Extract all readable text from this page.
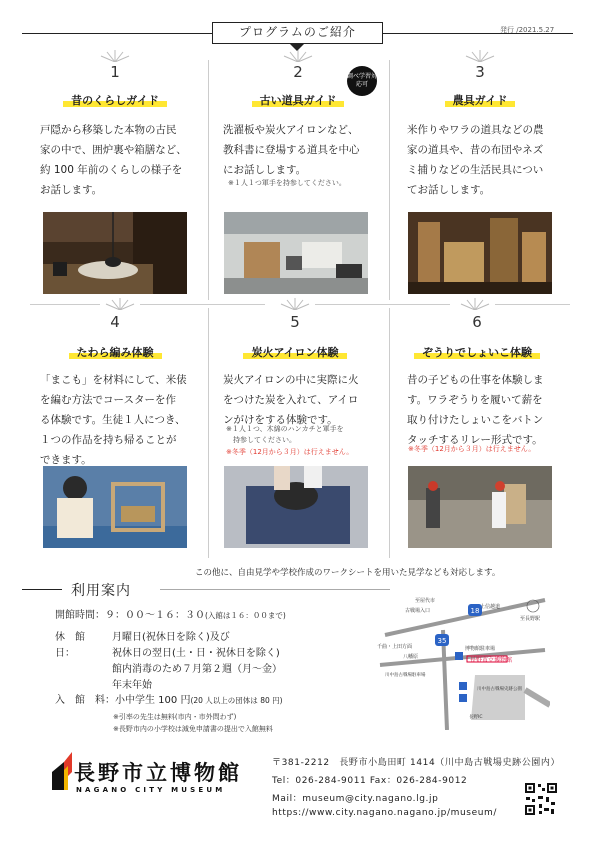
プログラムのご紹介	発行 /2021.5.27
1
昔のくらしガイド
戸隠から移築した本物の古民
家の中で、囲炉裏や箱膳など、
約 100 年前のくらしの様子を
お話します。
2
古い道具ガイド
調べ学習対応可
洗濯板や炭火アイロンなど、
教科書に登場する道具を中心
にお話しします。
※１人１つ軍手を持参してください。
3
農具ガイド
米作りやワラの道具などの農
家の道具や、昔の布団やネズ
ミ捕りなどの生活民具につい
てお話しします。
4
たわら編み体験
「まこも」を材料にして、米俵
を編む方法でコースターを作
る体験です。生徒１人につき、
１つの作品を持ち帰ることが
できます。
5
炭火アイロン体験
炭火アイロンの中に実際に火
をつけた炭を入れて、アイロ
ンがけをする体験です。
※１人１つ、木綿のハンカチと軍手を
　持参してください。
※冬季（12月から３月）は行えません。
6
ぞうりでしょいこ体験
昔の子どもの仕事を体験しま
す。ワラぞうりを履いて薪を
取り付けたしょいこをバトン
タッチするリレー形式です。
※冬季（12月から３月）は行えません。
この他に、自由見学や学校作成のワークシートを用いた見学なども対応します。
利用案内
開館時間：９：００～１６：３０(入館は１６：００まで)
休　館　日：
月曜日(祝休日を除く)及び
祝休日の翌日(土・日・祝休日を除く)
館内消毒のため７月第２週（月～金）
年末年始
入　館　料：小中学生 100 円(20 人以上の団体は 80 円)
※引率の先生は無料(市内・市外問わず)
※長野市内の小学校は減免申請書の提出で入館無料
35
18
至屋代市
至長野駅
古戦場入口
上信越道
千曲・上田方面
八幡原
博物館駐車場
長野市立博物館
川中島古戦場駐車場
川中島古戦場史跡公園
長野IC
長野市立博物館
NAGANO CITY MUSEUM
〒381-2212　長野市小島田町 1414（川中島古戦場史跡公園内）
Tel：026-284-9011 Fax：026-284-9012
Mail：museum@city.nagano.lg.jp
https://www.city.nagano.nagano.jp/museum/
